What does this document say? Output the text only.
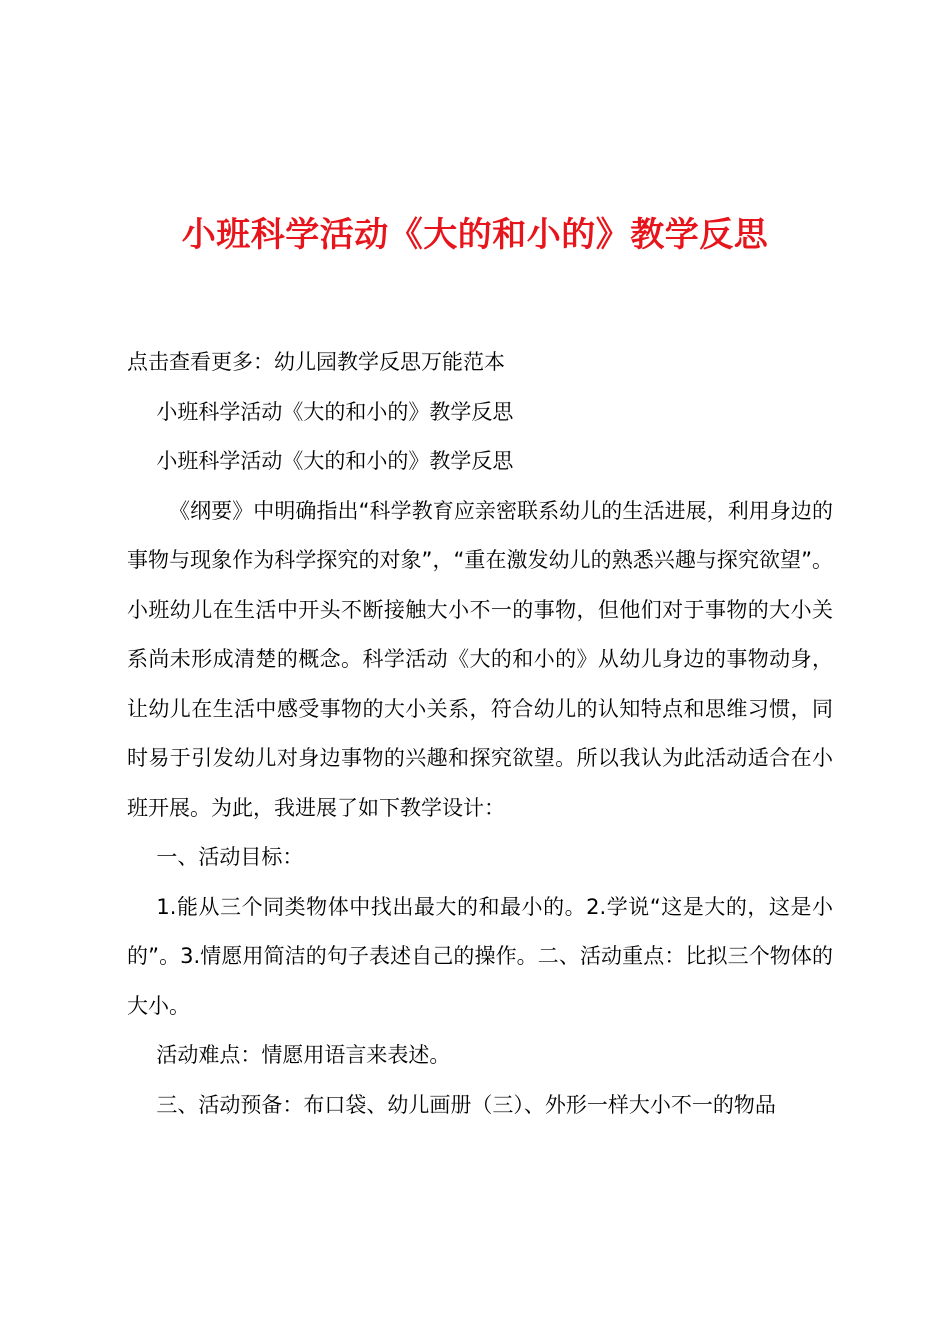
小班科学活动《大的和小的》教学反思

点击查看更多：幼儿园教学反思万能范本

小班科学活动《大的和小的》教学反思

小班科学活动《大的和小的》教学反思

《纲要》中明确指出“科学教育应亲密联系幼儿的生活进展，利用身边的事物与现象作为科学探究的对象”，“重在激发幼儿的熟悉兴趣与探究欲望”。小班幼儿在生活中开头不断接触大小不一的事物，但他们对于事物的大小关系尚未形成清楚的概念。科学活动《大的和小的》从幼儿身边的事物动身，让幼儿在生活中感受事物的大小关系，符合幼儿的认知特点和思维习惯，同时易于引发幼儿对身边事物的兴趣和探究欲望。所以我认为此活动适合在小班开展。为此，我进展了如下教学设计：

一、活动目标：

1.能从三个同类物体中找出最大的和最小的。2.学说“这是大的，这是小的”。3.情愿用简洁的句子表述自己的操作。二、活动重点：比拟三个物体的大小。

活动难点：情愿用语言来表述。

三、活动预备：布口袋、幼儿画册（三）、外形一样大小不一的物品
